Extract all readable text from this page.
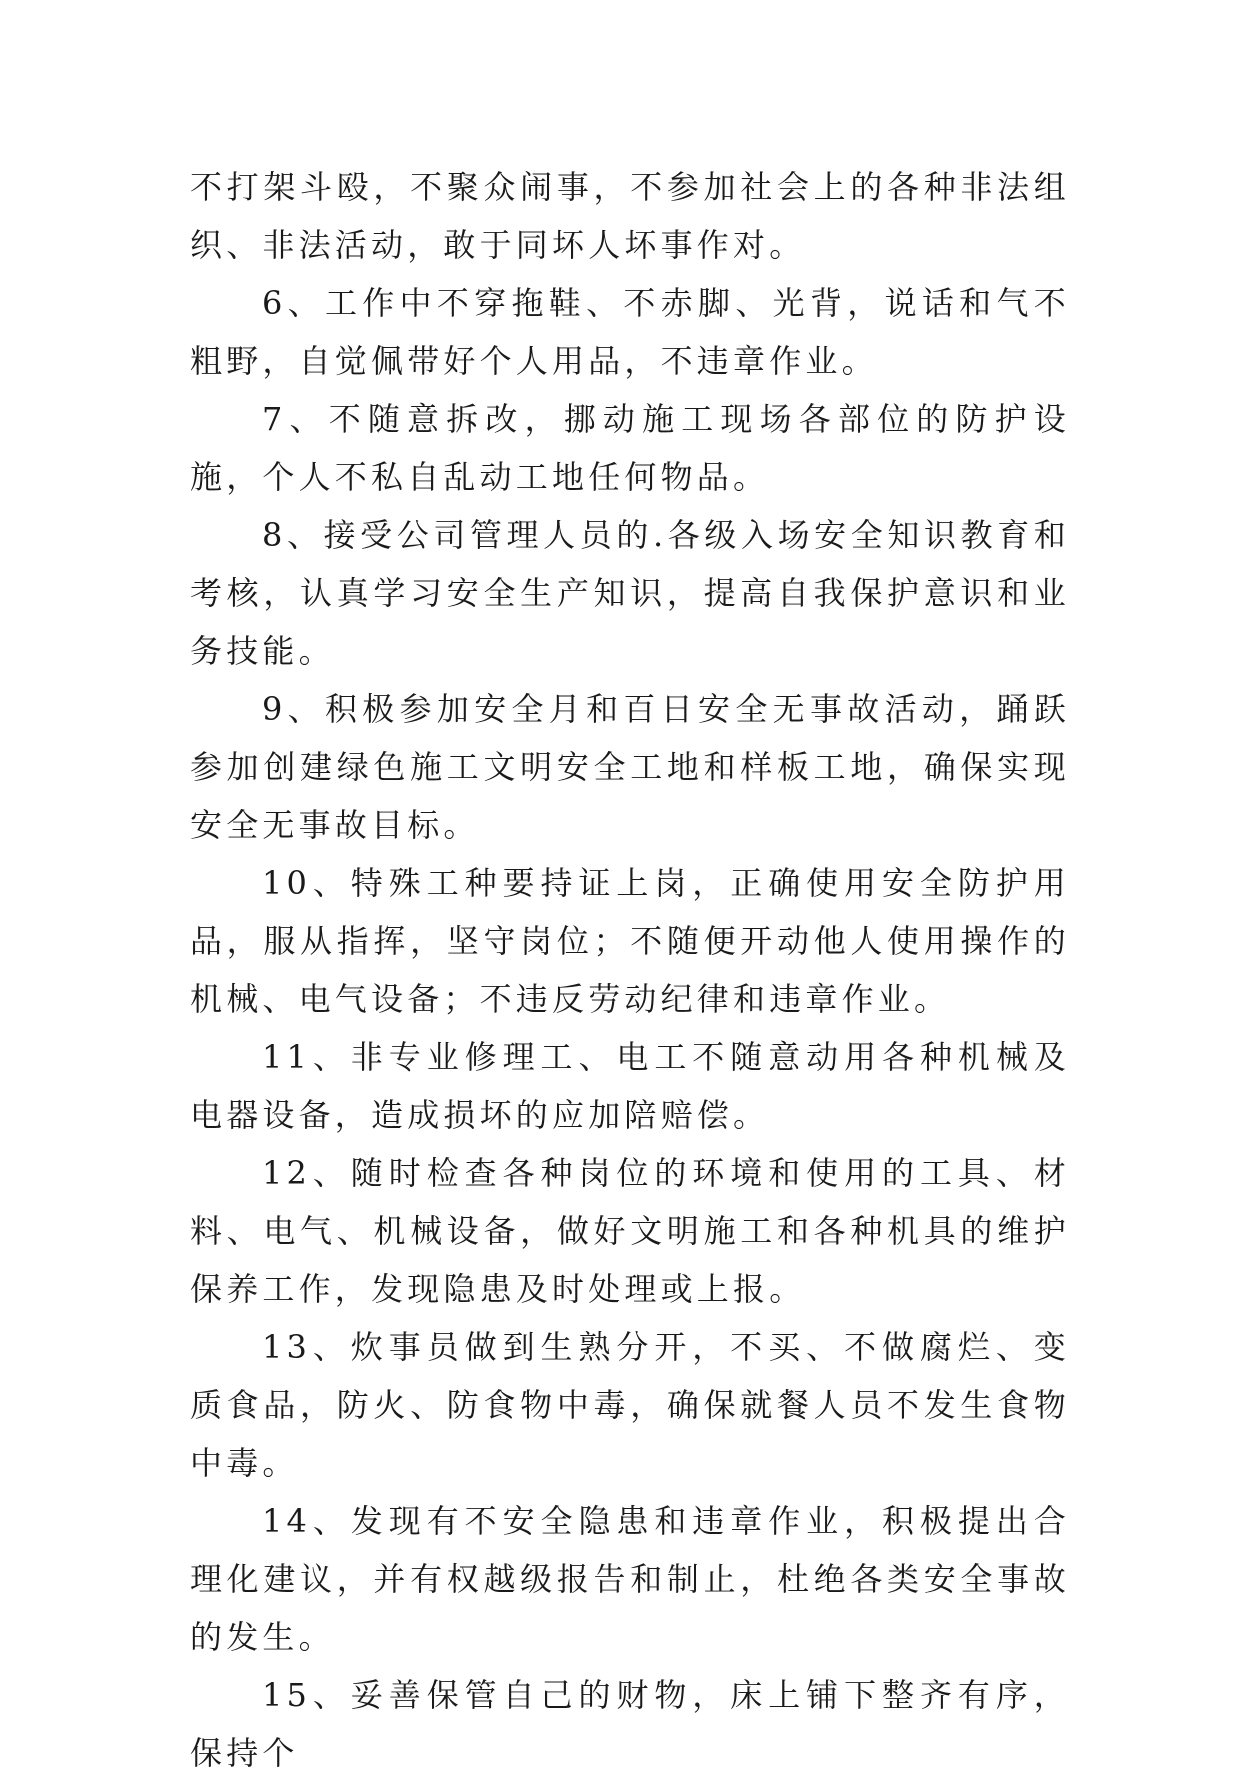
不打架斗殴，不聚众闹事，不参加社会上的各种非法组织、非法活动，敢于同坏人坏事作对。

6、工作中不穿拖鞋、不赤脚、光背，说话和气不粗野，自觉佩带好个人用品，不违章作业。

7、不随意拆改，挪动施工现场各部位的防护设施，个人不私自乱动工地任何物品。

8、接受公司管理人员的.各级入场安全知识教育和考核，认真学习安全生产知识，提高自我保护意识和业务技能。

9、积极参加安全月和百日安全无事故活动，踊跃参加创建绿色施工文明安全工地和样板工地，确保实现安全无事故目标。

10、特殊工种要持证上岗，正确使用安全防护用品，服从指挥，坚守岗位；不随便开动他人使用操作的机械、电气设备；不违反劳动纪律和违章作业。

11、非专业修理工、电工不随意动用各种机械及电器设备，造成损坏的应加陪赔偿。

12、随时检查各种岗位的环境和使用的工具、材料、电气、机械设备，做好文明施工和各种机具的维护保养工作，发现隐患及时处理或上报。

13、炊事员做到生熟分开，不买、不做腐烂、变质食品，防火、防食物中毒，确保就餐人员不发生食物中毒。

14、发现有不安全隐患和违章作业，积极提出合理化建议，并有权越级报告和制止，杜绝各类安全事故的发生。

15、妥善保管自己的财物，床上铺下整齐有序，保持个
